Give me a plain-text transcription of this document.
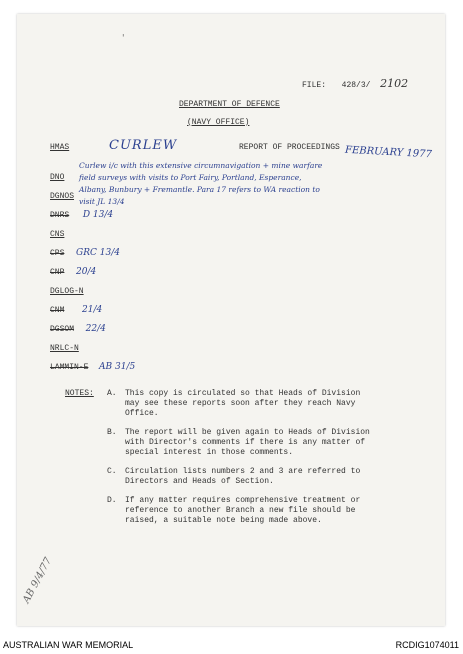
'
FILE: 428/3/ 2102
DEPARTMENT OF DEFENCE
(NAVY OFFICE)
HMAS	CURLEW	REPORT OF PROCEEDINGS FEBRUARY 1977
Curlew i/c with this extensive circumnavigation + mine warfare
field surveys with visits to Port Fairy, Portland, Esperance,
Albany, Bunbury + Fremantle. Para 17 refers to WA reaction to
visit JL 13/4
DNO
DGNOS
DNRS D 13/4
CNS
CPS GRC 13/4
CNP 20/4
DGLOG-N
CNM 21/4
DGSOM 22/4
NRLC-N
LAMMIN-E AB 31/5
NOTES: A.	This copy is circulated so that Heads of Division
may see these reports soon after they reach Navy
Office.
B.	The report will be given again to Heads of Division
with Director's comments if there is any matter of
special interest in those comments.
C.	Circulation lists numbers 2 and 3 are referred to
Directors and Heads of Section.
D.	If any matter requires comprehensive treatment or
reference to another Branch a new file should be
raised, a suitable note being made above.
AB 9/4/77
AUSTRALIAN WAR MEMORIAL	RCDIG1074011
